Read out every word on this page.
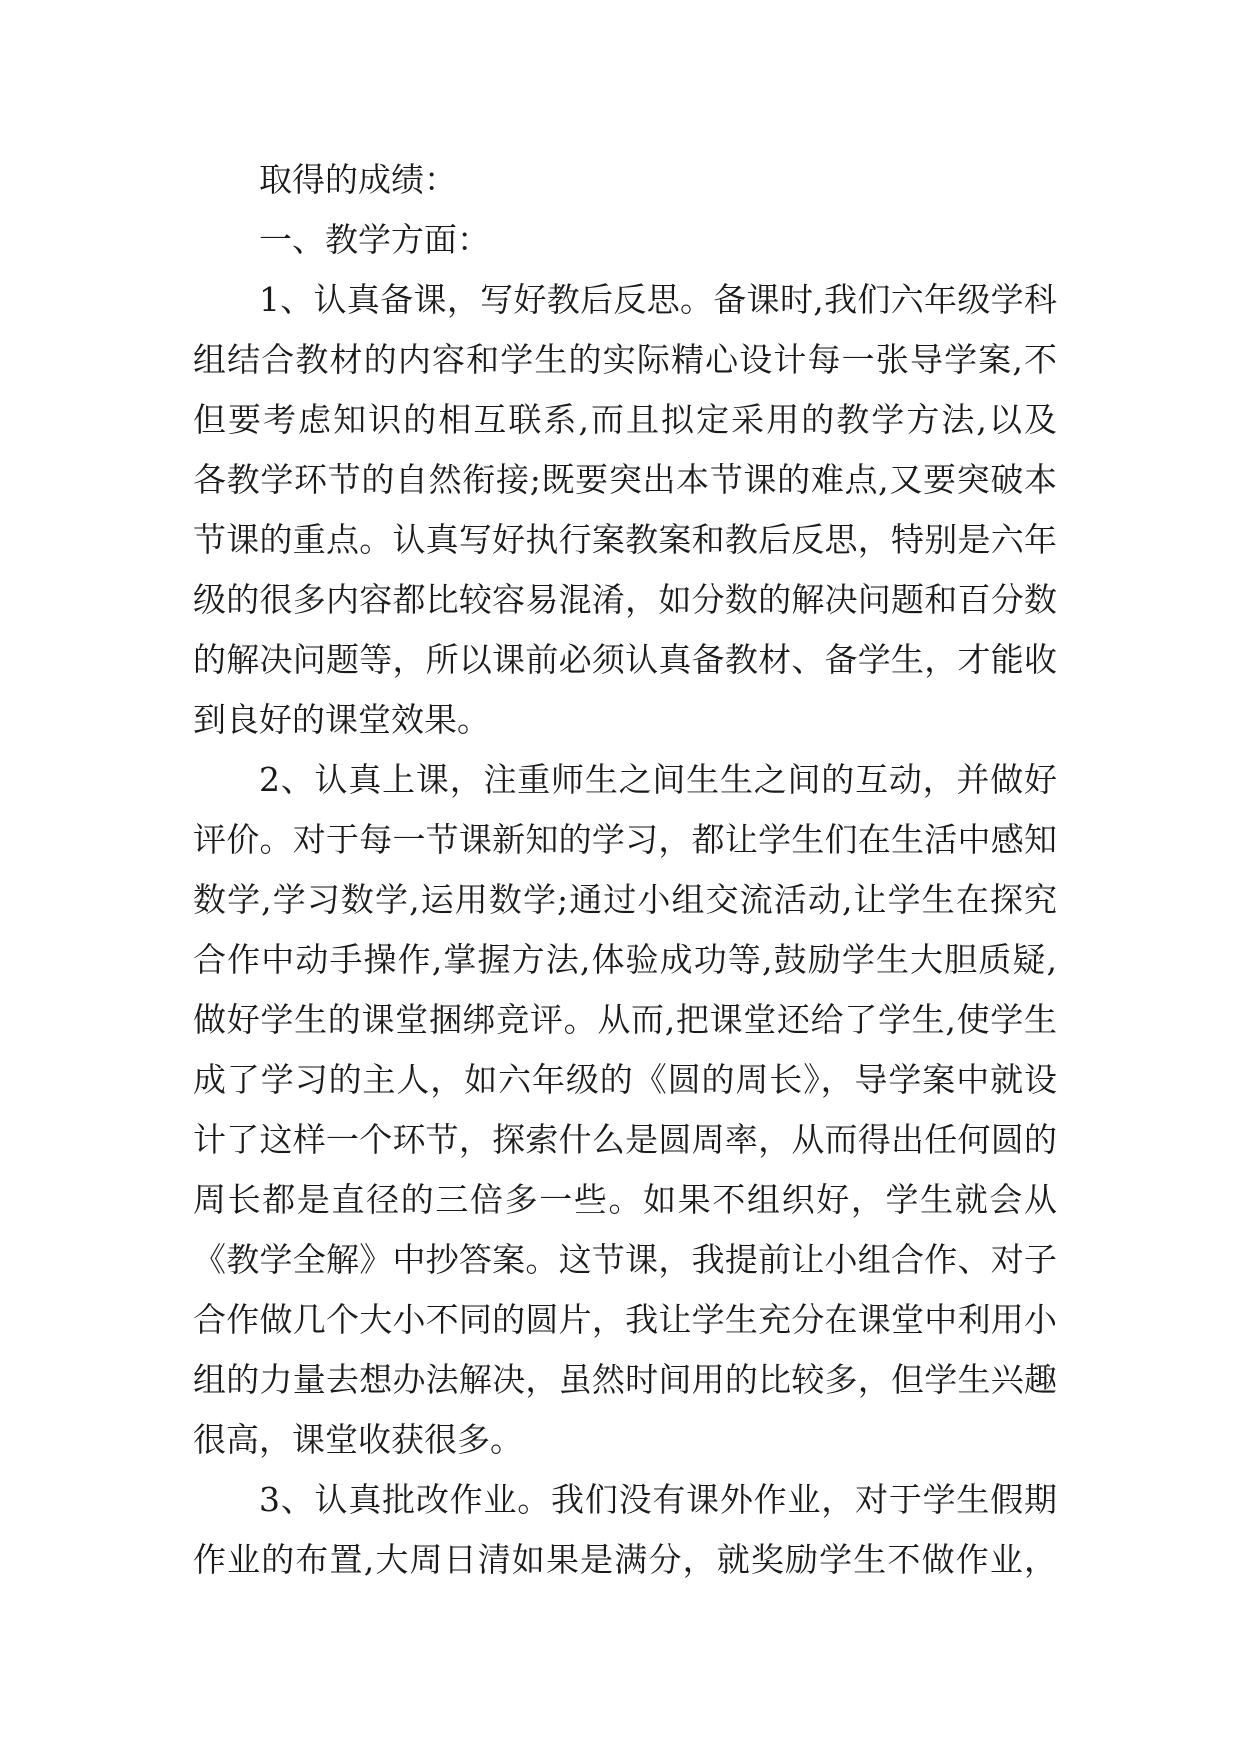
取得的成绩：
一、教学方面：
1、认真备课，写好教后反思。备课时,我们六年级学科
组结合教材的内容和学生的实际精心设计每一张导学案,不
但要考虑知识的相互联系,而且拟定采用的教学方法,以及
各教学环节的自然衔接;既要突出本节课的难点,又要突破本
节课的重点。认真写好执行案教案和教后反思，特别是六年
级的很多内容都比较容易混淆，如分数的解决问题和百分数
的解决问题等，所以课前必须认真备教材、备学生，才能收
到良好的课堂效果。
2、认真上课，注重师生之间生生之间的互动，并做好
评价。对于每一节课新知的学习，都让学生们在生活中感知
数学,学习数学,运用数学;通过小组交流活动,让学生在探究
合作中动手操作,掌握方法,体验成功等,鼓励学生大胆质疑,
做好学生的课堂捆绑竞评。从而,把课堂还给了学生,使学生
成了学习的主人，如六年级的《圆的周长》，导学案中就设
计了这样一个环节，探索什么是圆周率，从而得出任何圆的
周长都是直径的三倍多一些。如果不组织好，学生就会从
《教学全解》中抄答案。这节课，我提前让小组合作、对子
合作做几个大小不同的圆片，我让学生充分在课堂中利用小
组的力量去想办法解决，虽然时间用的比较多，但学生兴趣
很高，课堂收获很多。
3、认真批改作业。我们没有课外作业，对于学生假期
作业的布置,大周日清如果是满分，就奖励学生不做作业，
